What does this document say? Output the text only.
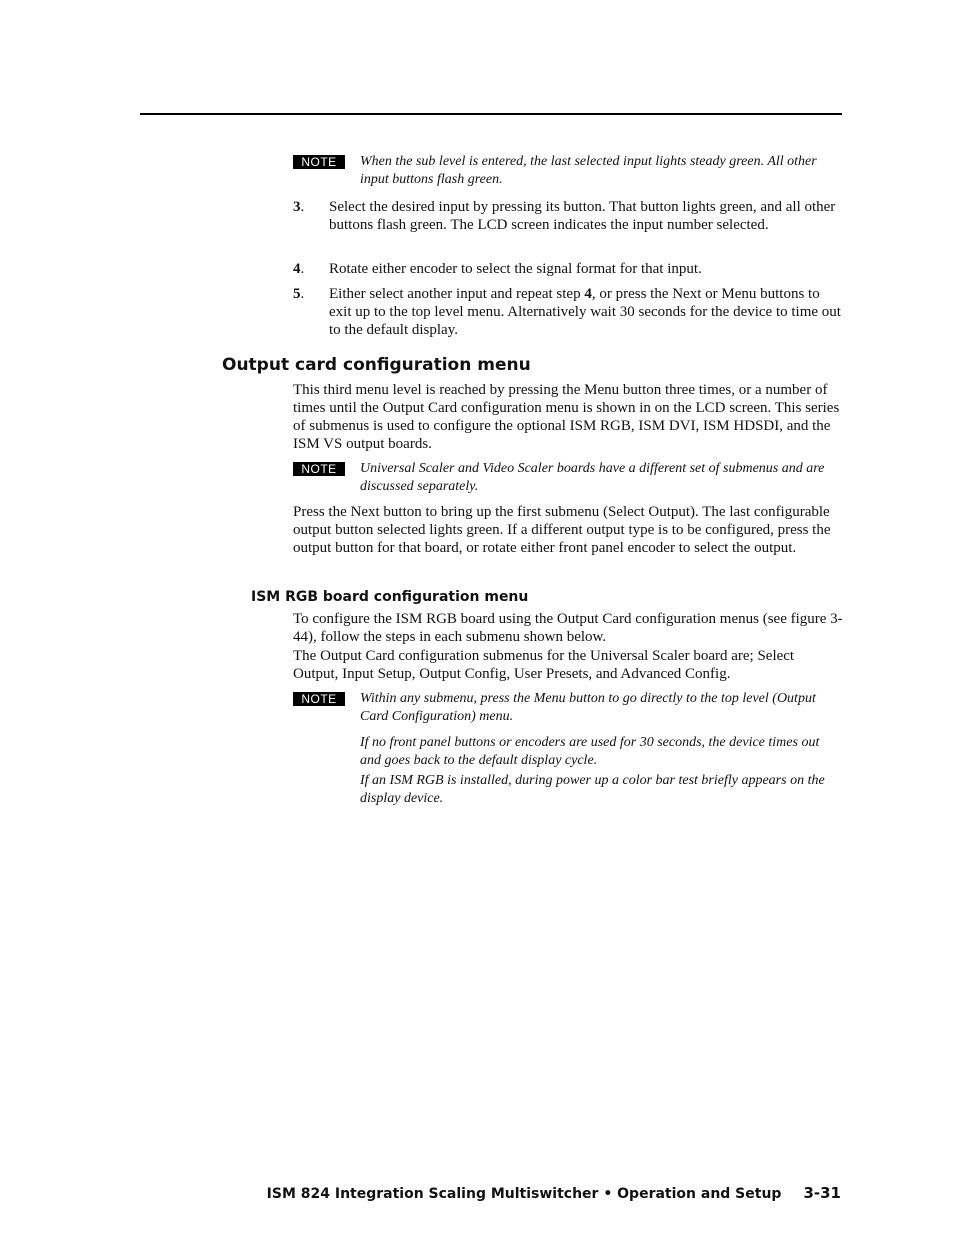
NOTE	When the sub level is entered, the last selected input lights steady green. All other input buttons flash green.
3. Select the desired input by pressing its button. That button lights green, and all other buttons flash green. The LCD screen indicates the input number selected.
4. Rotate either encoder to select the signal format for that input.
5. Either select another input and repeat step 4, or press the Next or Menu buttons to exit up to the top level menu. Alternatively wait 30 seconds for the device to time out to the default display.
Output card configuration menu

This third menu level is reached by pressing the Menu button three times, or a number of times until the Output Card configuration menu is shown in on the LCD screen. This series of submenus is used to configure the optional ISM RGB, ISM DVI, ISM HDSDI, and the ISM VS output boards.

NOTE	Universal Scaler and Video Scaler boards have a different set of submenus and are discussed separately.

Press the Next button to bring up the first submenu (Select Output). The last configurable output button selected lights green. If a different output type is to be configured, press the output button for that board, or rotate either front panel encoder to select the output.

ISM RGB board configuration menu

To configure the ISM RGB board using the Output Card configuration menus (see figure 3-44), follow the steps in each submenu shown below.

The Output Card configuration submenus for the Universal Scaler board are; Select Output, Input Setup, Output Config, User Presets, and Advanced Config.

NOTE	Within any submenu, press the Menu button to go directly to the top level (Output Card Configuration) menu.
If no front panel buttons or encoders are used for 30 seconds, the device times out and goes back to the default display cycle.
If an ISM RGB is installed, during power up a color bar test briefly appears on the display device.
ISM 824 Integration Scaling Multiswitcher • Operation and Setup 3-31
